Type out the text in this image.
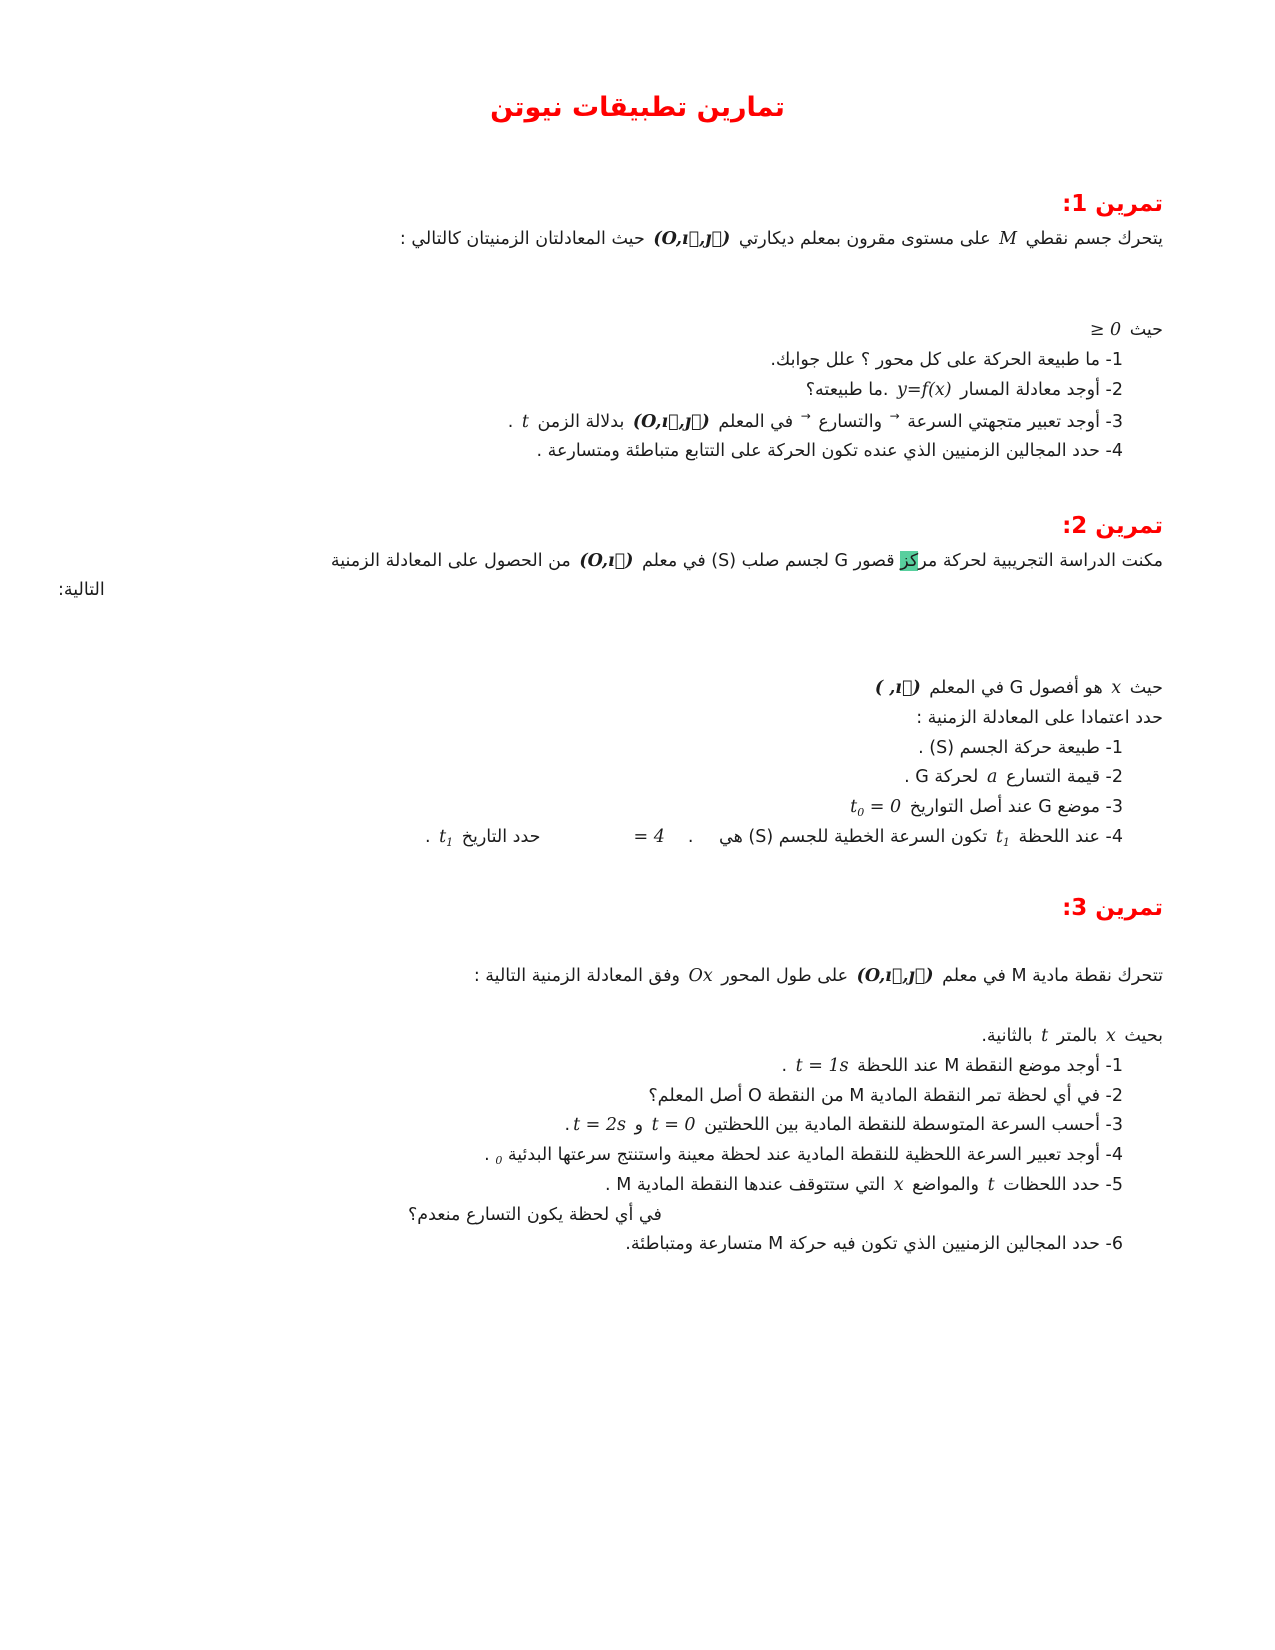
تمارين تطبيقات نيوتن
تمرين 1:

يتحرك جسم نقطي M على مستوى مقرون بمعلم ديكارتي (O,ı⃗,ȷ⃗) حيث المعادلتان الزمنيتان كالتالي :

حيث ≥ 0

1- ما طبيعة الحركة على كل محور ؟ علل جوابك.

2- أوجد معادلة المسار y=f(x) .ما طبيعته؟

3- أوجد تعبير متجهتي السرعة → والتسارع → في المعلم (O,ı⃗,ȷ⃗) بدلالة الزمن t .

4- حدد المجالين الزمنيين الذي عنده تكون الحركة على التتابع متباطئة ومتسارعة .

تمرين 2:

مكنت الدراسة التجريبية لحركة مركز قصور G لجسم صلب (S) في معلم (O,ı⃗) من الحصول على المعادلة الزمنية

التالية:

حيث x هو أفصول G في المعلم ( ,ı⃗)

حدد اعتمادا على المعادلة الزمنية :

1- طبيعة حركة الجسم (S) .

2- قيمة التسارع a لحركة G .

3- موضع G عند أصل التواريخ $t_0 = 0$

4- عند اللحظة $t_1$ تكون السرعة الخطية للجسم (S) هي .= 4حدد التاريخ $t_1$ .

تمرين 3:

تتحرك نقطة مادية M في معلم (O,ı⃗,ȷ⃗) على طول المحور Ox وفق المعادلة الزمنية التالية :

بحيث x بالمتر t بالثانية.

1- أوجد موضع النقطة M عند اللحظة t = 1s .

2- في أي لحظة تمر النقطة المادية M من النقطة O أصل المعلم؟

3- أحسب السرعة المتوسطة للنقطة المادية بين اللحظتين t = 0 و t = 2s.

4- أوجد تعبير السرعة اللحظية للنقطة المادية عند لحظة معينة واستنتج سرعتها البدئية $_0$ .

5- حدد اللحظات t والمواضع x التي ستتوقف عندها النقطة المادية M .

في أي لحظة يكون التسارع منعدم؟

6- حدد المجالين الزمنيين الذي تكون فيه حركة M متسارعة ومتباطئة.
